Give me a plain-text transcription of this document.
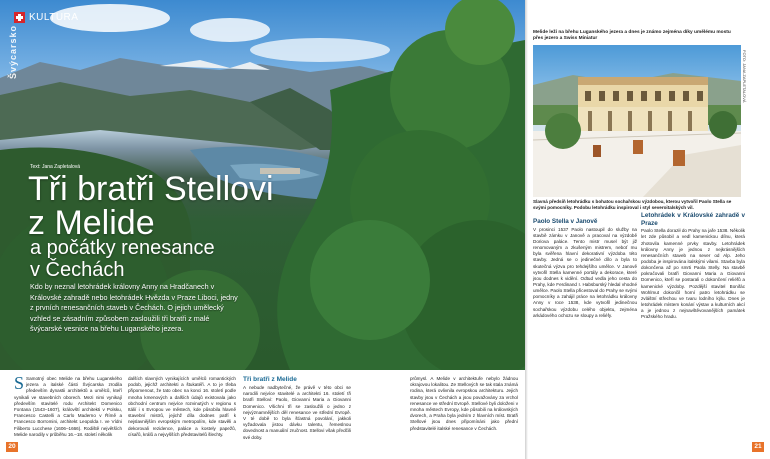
KULTURA
Švýcarsko
Text: Jana Zapletalová
Tři bratři Stellovi
z Melide
a počátky renesance
v Čechách
Kdo by neznal letohrádek královny Anny na Hradčanech v Královské zahradě nebo letohrádek Hvězda v Praze Liboci, jedny z prvních renesančních staveb v Čechách. O jejich umělecký vzhled se zásadním způsobem zasloužili tři bratři z malé švýcarské vesnice na břehu Luganského jezera.
S Samotný obec Melide na břehu Luganského jezera a italské části Švýcarska zrodila především dynastii architektů a umělců, kteří vynikali ve stavebních oborech. Mezi nimi vynikají především stavitelé rodu Architekt Domenico Fontana (1543–1607), královští architekti v Polsku, Francesco Castelli a Carlo Maderno v Římě a Francesco Borromini, architekt Leopolda I. ve Vídni Filiberto Lucchese (1606–1666). Rodiště největších Melide narodily v průběhu 16.–18. století několik
dalších slavných vynikajících umělců romantických podob, jejichž architekti a štukatéři. A to je třeba připomenout, že tato obec na konci 16. století podle mnoha kmenových a dalších údajů existovala jako obchodní centrum nejvíce rozvinutých v regionu s Itálií i s Evropou ve městech, kde působila hlavně stavební mistrů, jejichž díla dodnes patří k nejslavnějším evropským metropolím, kde stavěli a dekorovali rezidence, paláce a kostely papežů, císařů, králů a nejvyšších představitelů šlechty.
Tři bratři z Melide
A nebude nadbytečné, že právě v této obci se narodili nejvíce stavitelé a architekti 16. století tři bratři Stellovi: Paolo, Giovanni Maria a Giovanni Domenico. Všichni tři se zasloužili o jedno z nejvýznamnějších děl renesance ve střední Evropě. V té době to byla šťastná povolání, jakkoli vyžadovala jistou dávku talentu, řemeslnou dovednost a manuální zručnost. Stellovi však předčili své doby.
průmysl. A Melide v architektuře nebylo žádnou okrajovou lokalitou. Ze Stellových se tak stala známá rodina, která ovlivnila evropskou architekturu. Jejich stavby jsou v Čechách a jsou považovány za vrchol renesance ve střední Evropě. Stellové byli doloženi v mnoha městech Evropy, kde působili na královských dvorech, a Praha byla jedním z hlavních míst. Bratři Stellové jsou dnes připomínáni jako přední představitelé italské renesance v Čechách.
20
Melide leží na břehu Luganského jezera a dnes je známo zejména díky umělému mostu přes jezero a Swiss Miniatur
FOTO: JANA ZAPLETALOVÁ
Slavná předsíň letohrádku s bohatou sochařskou výzdobou, kterou vytvořil Paolo Stella se svými pomocníky. Podobu letohrádku inspiroval i styl severoitalských vil.
Paolo Stella v Janově
V prosinci 1537 Paolo nastoupil do služby na stavbě zámku v Janově a pracoval na výzdobě Doriova paláce. Tento mistr musel být již renomovaným a zkušeným mistrem, neboť mu byla svěřena hlavní dekorativní výzdoba této stavby. Jedná se o jedinečné dílo a byla to skutečná výzva pro tehdejšího umělce. V Janově vytvořil Stella kamenné portály a dekorace, které jsou dodnes k vidění. Odtud vedla jeho cesta do Prahy, kde Ferdinand I. Habsburský hledal vhodné umělce. Paolo Stella přicestoval do Prahy se svými pomocníky a zahájil práce na letohrádku královny Anny v roce 1538, kde vytvořil jedinečnou sochařskou výzdobu celého objektu, zejména arkádového ochozu se sloupy a reliéfy.
Letohrádek v Královské zahradě v Praze
Paolo Stella doraził do Prahy na jaře 1538. Několik let zde působil a vedl kamenickou dílnu, která zhotovila kamenné prvky stavby. Letohrádek královny Anny je jednou z nejkrásnějších renesančních staveb na sever od Alp. Jeho podoba je inspirována italskými vilami. Stavba byla dokončena až po smrti Paola Stelly. Na stavbě pokračovali bratři Giovanni Maria a Giovanni Domenico, kteří se postarali o dokončení reliéfů a kamenické výzdoby. Pozdější stavitel Bonifác Wohlmut dokončil horní patro letohrádku se zvláštní střechou ve tvaru lodního kýlu. Dnes je letohrádek místem konání výstav a kulturních akcí a je jednou z nejnavštěvovanějších památek Pražského hradu.
21
